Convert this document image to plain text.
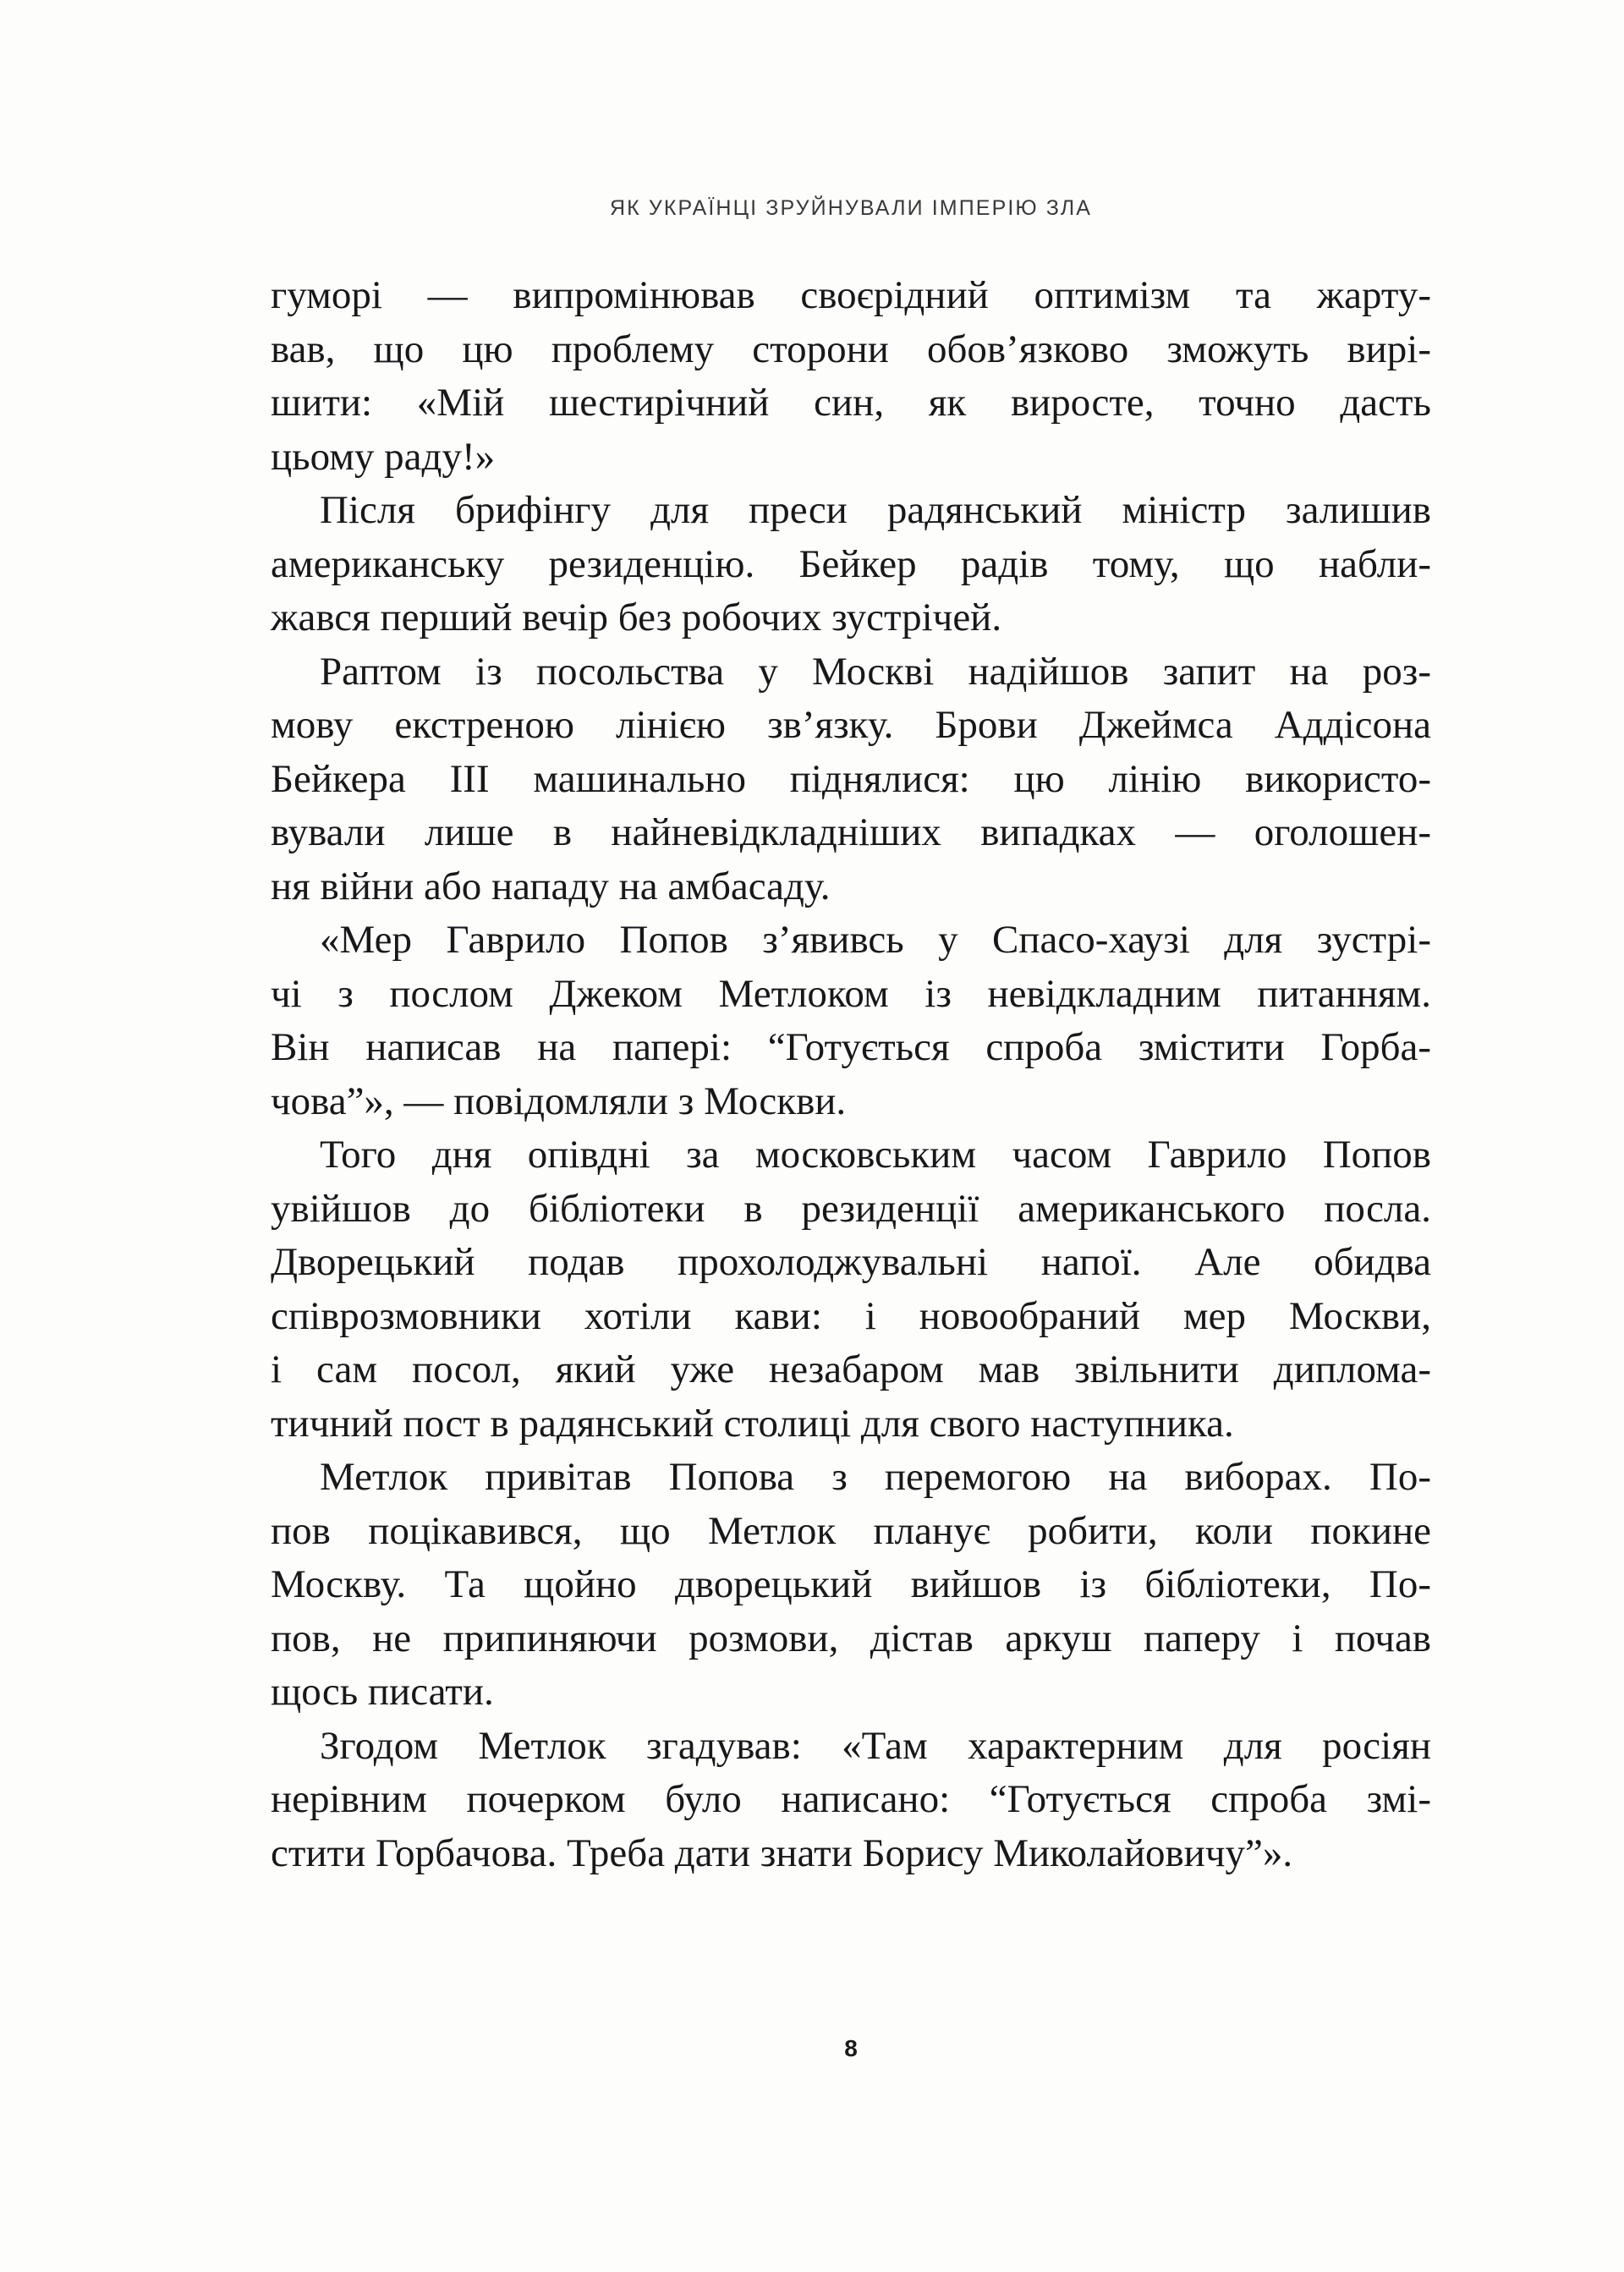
ЯК УКРАЇНЦІ ЗРУЙНУВАЛИ ІМПЕРІЮ ЗЛА

гуморі — випромінював своєрідний оптимізм та жарту-
вав, що цю проблему сторони обов’язково зможуть вирі-
шити: «Мій шестирічний син, як виросте, точно дасть
цьому раду!»

Після брифінгу для преси радянський міністр залишив
американську резиденцію. Бейкер радів тому, що набли-
жався перший вечір без робочих зустрічей.

Раптом із посольства у Москві надійшов запит на роз-
мову екстреною лінією зв’язку. Брови Джеймса Аддісона
Бейкера III машинально піднялися: цю лінію використо-
вували лише в найневідкладніших випадках — оголошен-
ня війни або нападу на амбасаду.

«Мер Гаврило Попов з’явивсь у Спасо-хаузі для зустрі-
чі з послом Джеком Метлоком із невідкладним питанням.
Він написав на папері: “Готується спроба змістити Горба-
чова”», — повідомляли з Москви.

Того дня опівдні за московським часом Гаврило Попов
увійшов до бібліотеки в резиденції американського посла.
Дворецький подав прохолоджувальні напої. Але обидва
співрозмовники хотіли кави: і новообраний мер Москви,
і сам посол, який уже незабаром мав звільнити диплома-
тичний пост в радянський столиці для свого наступника.

Метлок привітав Попова з перемогою на виборах. По-
пов поцікавився, що Метлок планує робити, коли покине
Москву. Та щойно дворецький вийшов із бібліотеки, По-
пов, не припиняючи розмови, дістав аркуш паперу і почав
щось писати.

Згодом Метлок згадував: «Там характерним для росіян
нерівним почерком було написано: “Готується спроба змі-
стити Горбачова. Треба дати знати Борису Миколайовичу”».

8
